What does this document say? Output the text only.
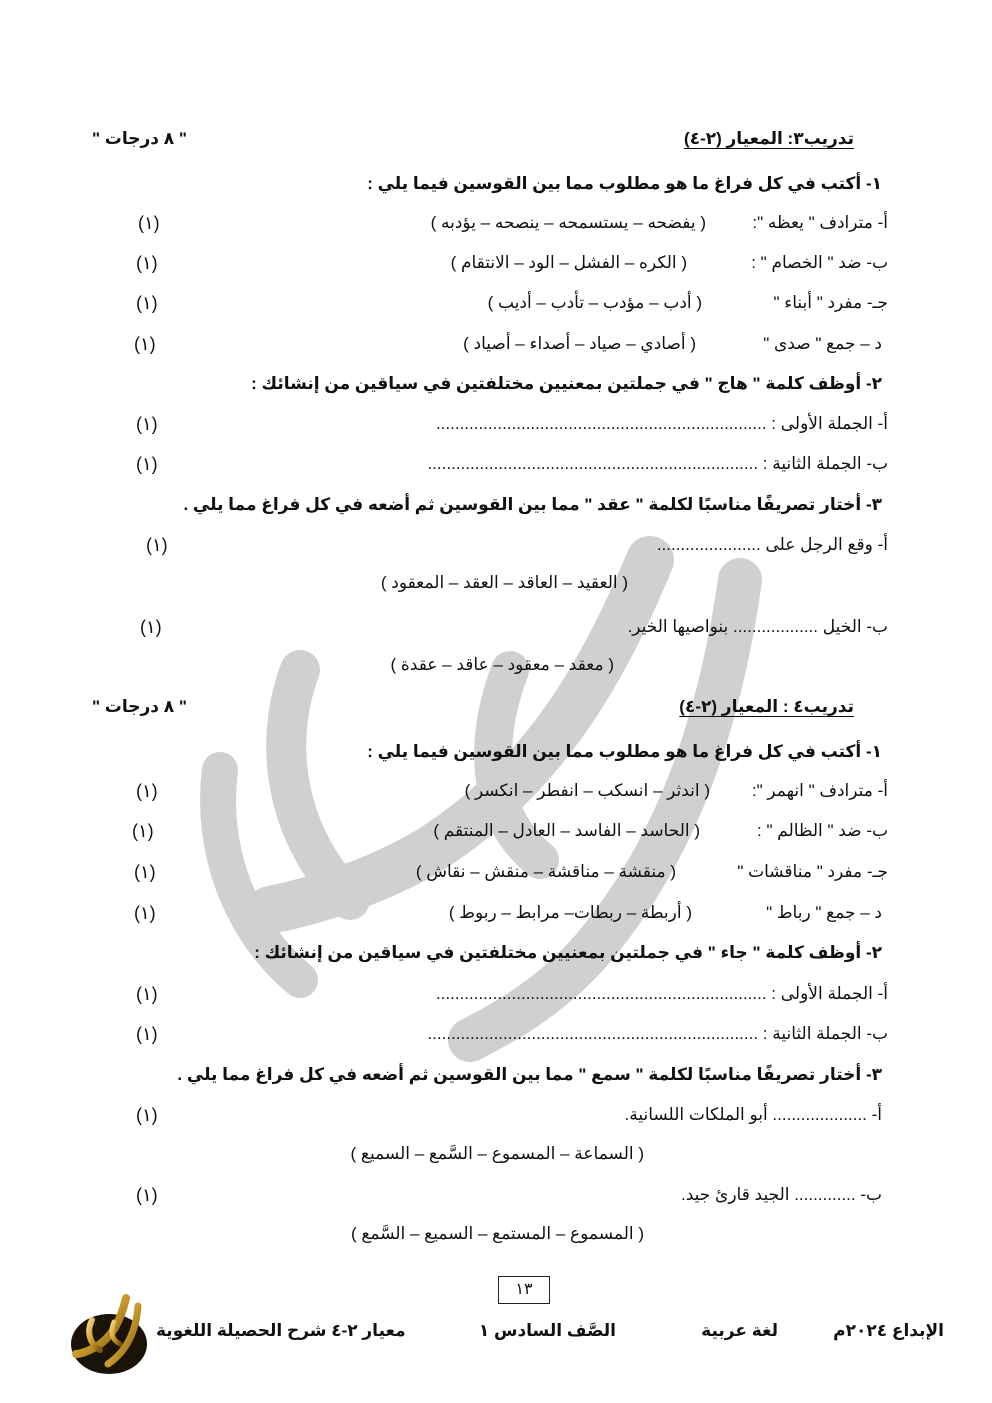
تدريب٣: المعيار (٢-٤)
" ٨ درجات "
١- أكتب في كل فراغ ما هو مطلوب مما بين القوسين فيما يلي :
أ- مترادف " يعظه ":
( يفضحه – يستسمحه – ينصحه – يؤدبه )
(١)
ب- ضد " الخصام " :
( الكره – الفشل – الود – الانتقام )
(١)
جـ- مفرد " أبناء "
( أدب – مؤدب – تأدب – أديب )
(١)
د – جمع " صدى "
( أصادي – صياد – أصداء – أصياد )
(١)
٢- أوظف كلمة " هاج " في جملتين بمعنيين مختلفتين في سياقين من إنشائك :
أ- الجملة الأولى : ......................................................................
(١)
ب- الجملة الثانية : ......................................................................
(١)
٣- أختار تصريفًا مناسبًا لكلمة " عقد " مما بين القوسين ثم أضعه في كل فراغ مما يلي .
أ- وقع الرجل على ......................
(١)
( العقيد – العاقد – العقد – المعقود )
ب- الخيل .................. بنواصيها الخير.
(١)
( معقد – معقود – عاقد – عقدة )
تدريب٤ : المعيار (٢-٤)
" ٨ درجات "
١- أكتب في كل فراغ ما هو مطلوب مما بين القوسين فيما يلي :
أ- مترادف " انهمر ":
( اندثر – انسكب – انفطر – انكسر )
(١)
ب- ضد " الظالم " :
( الحاسد – الفاسد – العادل – المنتقم )
(١)
جـ- مفرد " مناقشات "
( منقشة – مناقشة – منقش – نقاش )
(١)
د – جمع " رباط "
( أربطة – ربطات– مرابط – ربوط )
(١)
٢- أوظف كلمة " جاء " في جملتين بمعنيين مختلفتين في سياقين من إنشائك :
أ- الجملة الأولى : ......................................................................
(١)
ب- الجملة الثانية : ......................................................................
(١)
٣- أختار تصريفًا مناسبًا لكلمة " سمع " مما بين القوسين ثم أضعه في كل فراغ مما يلي .
أ- .................... أبو الملكات اللسانية.
(١)
( السماعة – المسموع – السَّمع – السميع )
ب- ............. الجيد قارئ جيد.
(١)
( المسموع – المستمع – السميع – السَّمع )
١٣
الإبداع ٢٠٢٤م
لغة عربية
الصَّف السادس ١
معيار ٢-٤ شرح الحصيلة اللغوية
